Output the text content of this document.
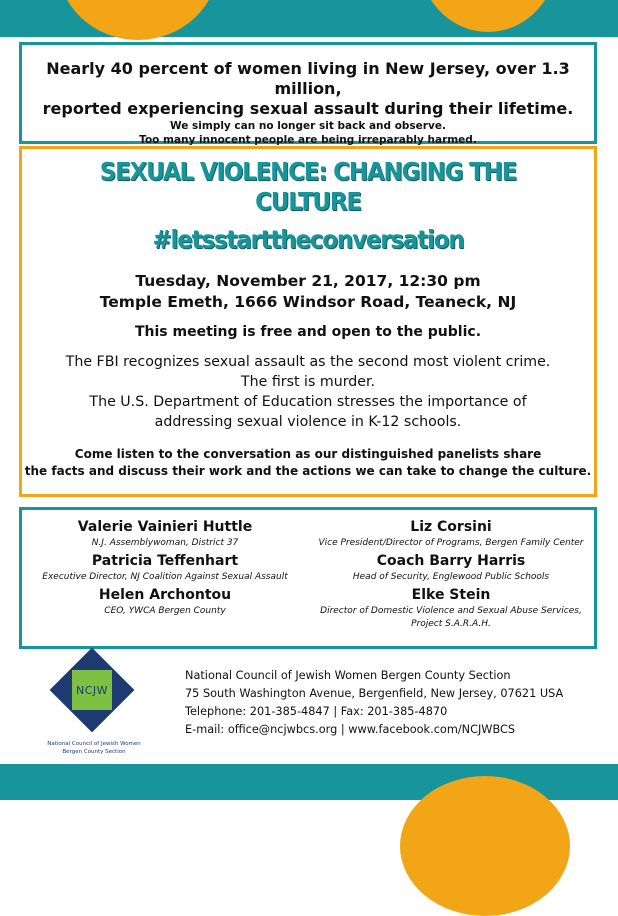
Nearly 40 percent of women living in New Jersey, over 1.3 million,
reported experiencing sexual assault during their lifetime.
We simply can no longer sit back and observe.
Too many innocent people are being irreparably harmed.
SEXUAL VIOLENCE: CHANGING THE CULTURE
#letsstarttheconversation
Tuesday, November 21, 2017, 12:30 pm
Temple Emeth, 1666 Windsor Road, Teaneck, NJ
This meeting is free and open to the public.
The FBI recognizes sexual assault as the second most violent crime.
The first is murder.
The U.S. Department of Education stresses the importance of
addressing sexual violence in K-12 schools.
Come listen to the conversation as our distinguished panelists share
the facts and discuss their work and the actions we can take to change the culture.
Valerie Vainieri Huttle
N.J. Assemblywoman, District 37
Patricia Teffenhart
Executive Director, NJ Coalition Against Sexual Assault
Helen Archontou
CEO, YWCA Bergen County
Liz Corsini
Vice President/Director of Programs, Bergen Family Center
Coach Barry Harris
Head of Security, Englewood Public Schools
Elke Stein
Director of Domestic Violence and Sexual Abuse Services,
Project S.A.R.A.H.
NCJW
National Council of Jewish Women
Bergen County Section
National Council of Jewish Women Bergen County Section
75 South Washington Avenue, Bergenfield, New Jersey, 07621 USA
Telephone: 201-385-4847 | Fax: 201-385-4870
E-mail: office@ncjwbcs.org | www.facebook.com/NCJWBCS
